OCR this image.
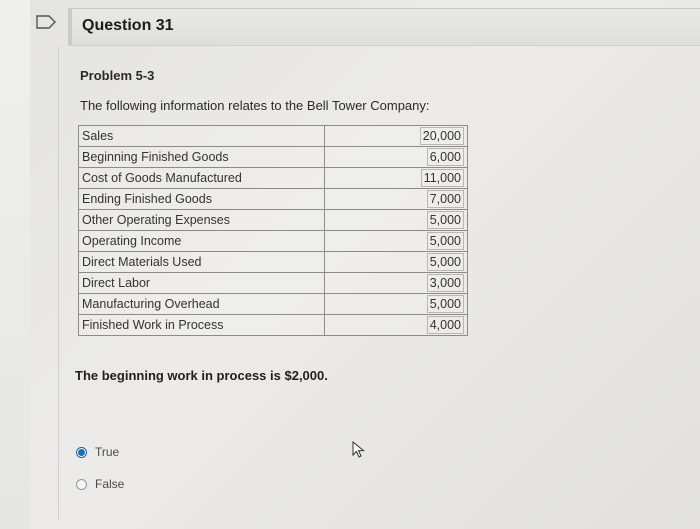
Question 31
Problem 5-3
The following information relates to the Bell Tower Company:
Sales	20,000
Beginning Finished Goods	6,000
Cost of Goods Manufactured	11,000
Ending Finished Goods	7,000
Other Operating Expenses	5,000
Operating Income	5,000
Direct Materials Used	5,000
Direct Labor	3,000
Manufacturing Overhead	5,000
Finished Work in Process	4,000
The beginning work in process is $2,000.
True
False
